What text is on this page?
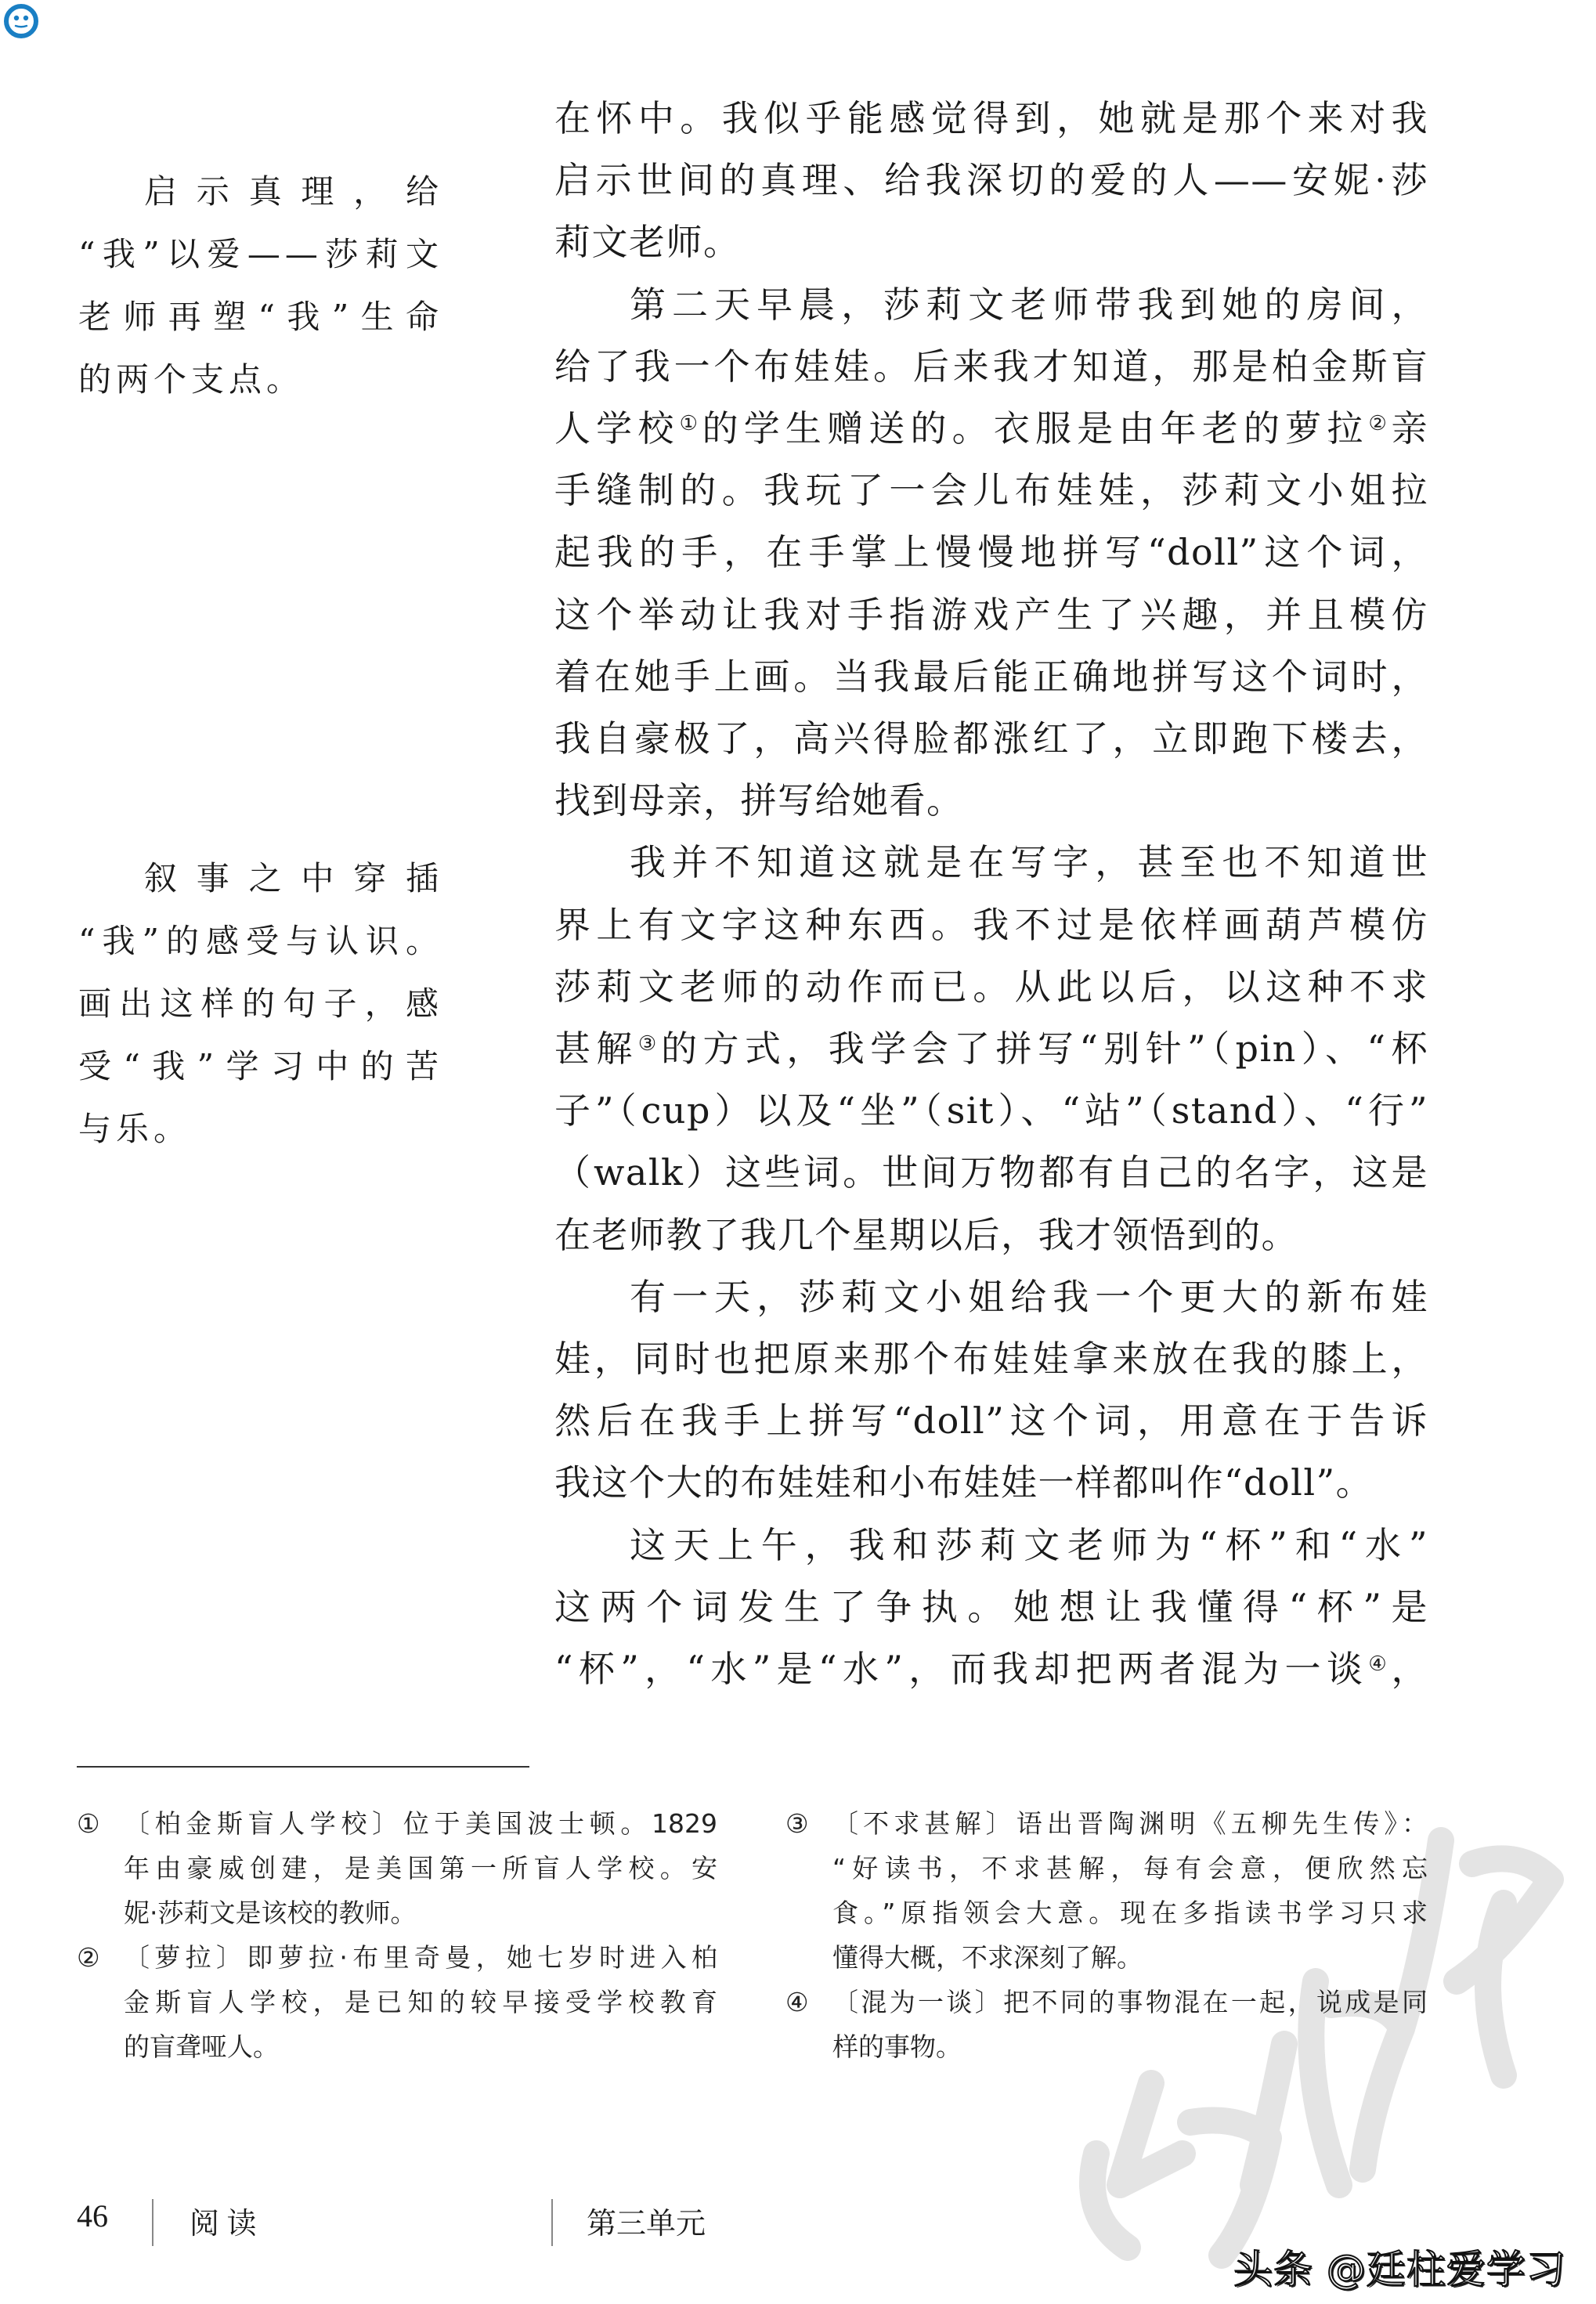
启示真理，给
“我”以爱——莎莉文
老师再塑“我”生命
的两个支点。
叙事之中穿插
“我”的感受与认识。
画出这样的句子，感
受“我”学习中的苦
与乐。
在怀中。我似乎能感觉得到，她就是那个来对我
启示世间的真理、给我深切的爱的人——安妮·莎
莉文老师。
第二天早晨，莎莉文老师带我到她的房间，
给了我一个布娃娃。后来我才知道，那是柏金斯盲
人学校①的学生赠送的。衣服是由年老的萝拉②亲
手缝制的。我玩了一会儿布娃娃，莎莉文小姐拉
起我的手，在手掌上慢慢地拼写“doll”这个词，
这个举动让我对手指游戏产生了兴趣，并且模仿
着在她手上画。当我最后能正确地拼写这个词时，
我自豪极了，高兴得脸都涨红了，立即跑下楼去，
找到母亲，拼写给她看。
我并不知道这就是在写字，甚至也不知道世
界上有文字这种东西。我不过是依样画葫芦模仿
莎莉文老师的动作而已。从此以后，以这种不求
甚解③的方式，我学会了拼写“别针”（pin）、“杯
子”（cup）以及“坐”（sit）、“站”（stand）、“行”
（walk）这些词。世间万物都有自己的名字，这是
在老师教了我几个星期以后，我才领悟到的。
有一天，莎莉文小姐给我一个更大的新布娃
娃，同时也把原来那个布娃娃拿来放在我的膝上，
然后在我手上拼写“doll”这个词，用意在于告诉
我这个大的布娃娃和小布娃娃一样都叫作“doll”。
这天上午，我和莎莉文老师为“杯”和“水”
这两个词发生了争执。她想让我懂得“杯”是
“杯”，“水”是“水”，而我却把两者混为一谈④，
① 〔柏金斯盲人学校〕位于美国波士顿。1829
年由豪威创建，是美国第一所盲人学校。安
妮·莎莉文是该校的教师。
② 〔萝拉〕即萝拉·布里奇曼，她七岁时进入柏
金斯盲人学校，是已知的较早接受学校教育
的盲聋哑人。
③ 〔不求甚解〕语出晋陶渊明《五柳先生传》：
“好读书，不求甚解，每有会意，便欣然忘
食。”原指领会大意。现在多指读书学习只求
懂得大概，不求深刻了解。
④ 〔混为一谈〕把不同的事物混在一起，说成是同
样的事物。
46	阅 读	第三单元
头条 @廷柱爱学习
